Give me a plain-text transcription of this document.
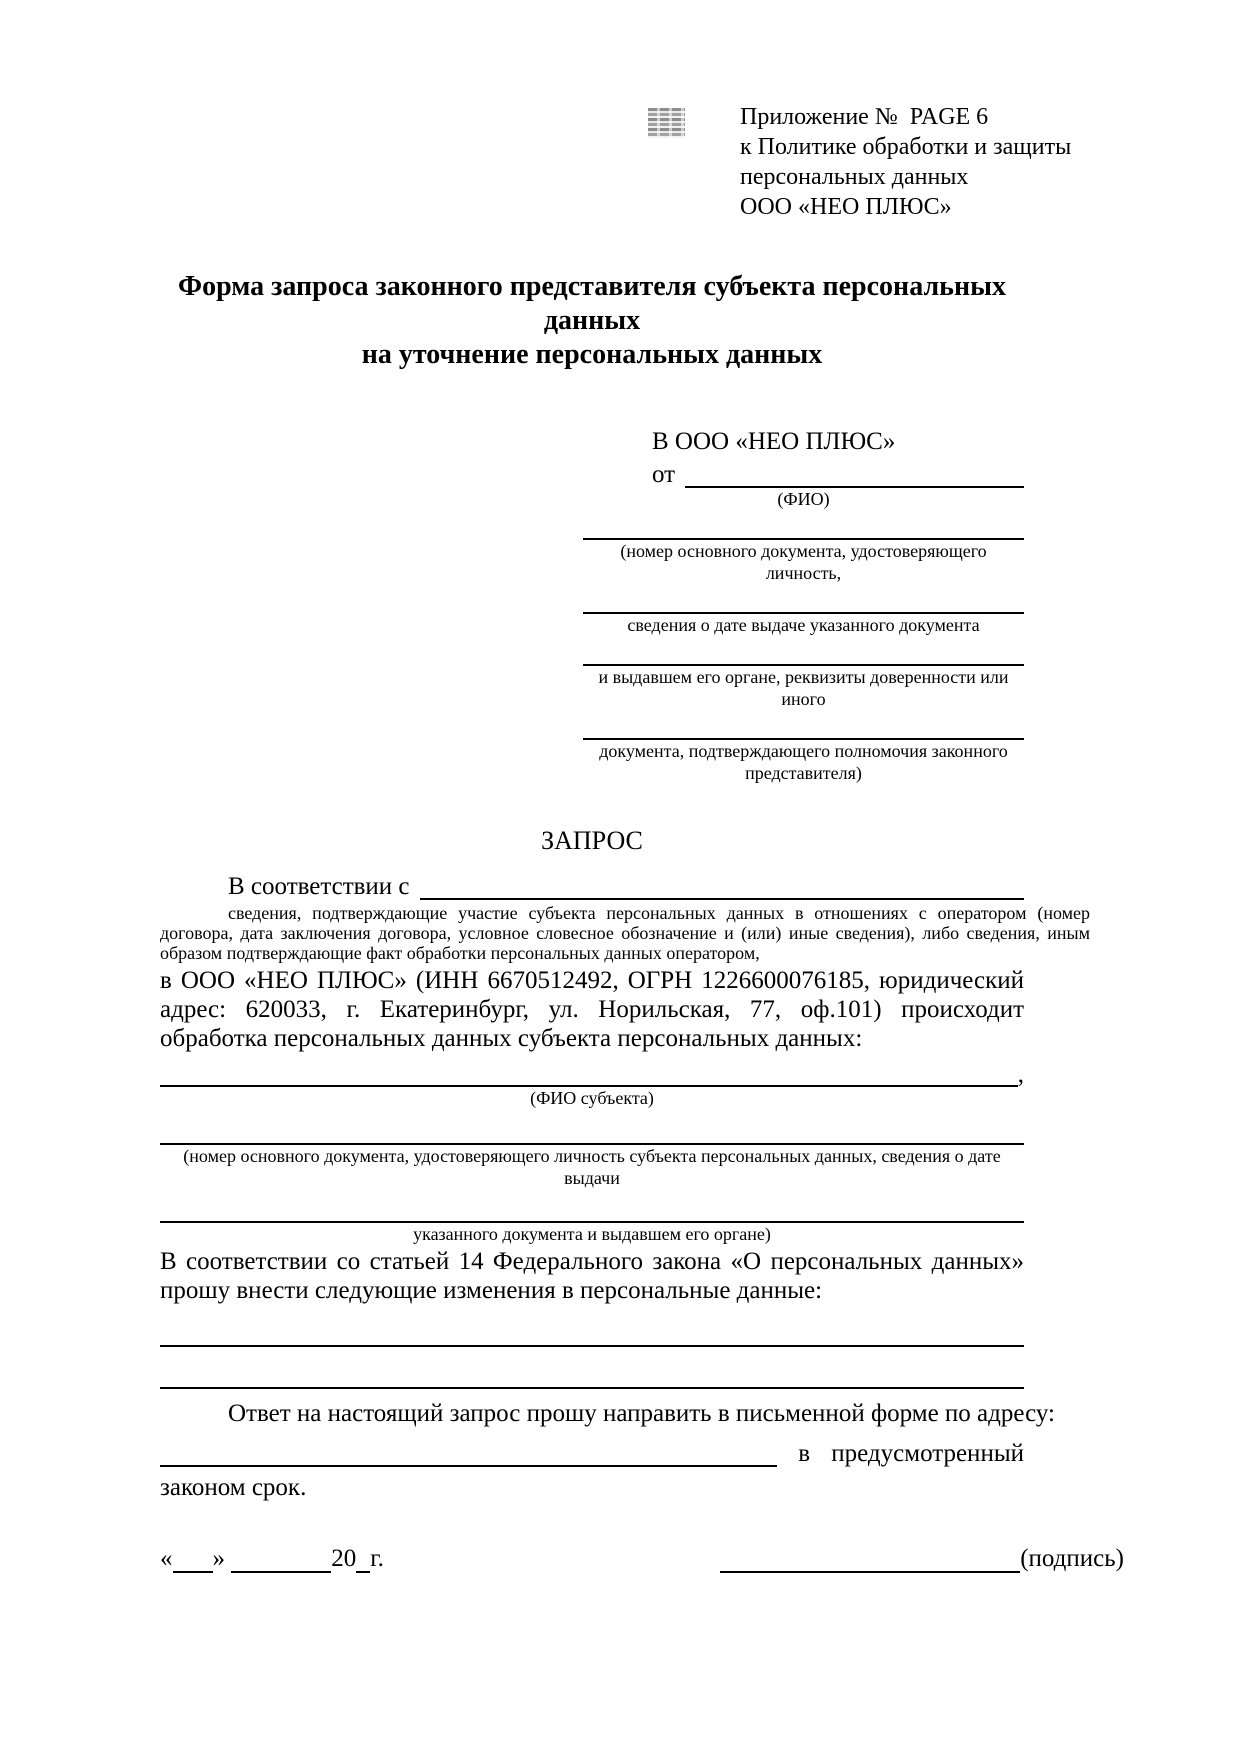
Приложение №  PAGE 6
к Политике обработки и защиты
персональных данных
ООО «НЕО ПЛЮС»
Форма запроса законного представителя субъекта персональных данных
на уточнение персональных данных
В ООО «НЕО ПЛЮС»
от
(ФИО)
(номер основного документа, удостоверяющего личность,
сведения о дате выдаче указанного документа
и выдавшем его органе, реквизиты доверенности или иного
документа, подтверждающего полномочия законного представителя)
ЗАПРОС
В соответствии с
сведения, подтверждающие участие субъекта персональных данных в отношениях с оператором (номер договора, дата заключения договора, условное словесное обозначение и (или) иные сведения), либо сведения, иным образом подтверждающие факт обработки персональных данных оператором,
в ООО «НЕО ПЛЮС» (ИНН 6670512492, ОГРН 1226600076185, юридический адрес: 620033, г. Екатеринбург, ул. Норильская, 77, оф.101) происходит обработка персональных данных субъекта персональных данных:
,
(ФИО субъекта)
(номер основного документа, удостоверяющего личность субъекта персональных данных, сведения о дате выдачи
указанного документа и выдавшем его органе)
В соответствии со статьей 14 Федерального закона «О персональных данных» прошу внести следующие изменения в персональные данные:
Ответ на настоящий запрос прошу направить в письменной форме по адресу:
в предусмотренный
законом срок.
« »	20 г.	(подпись)
